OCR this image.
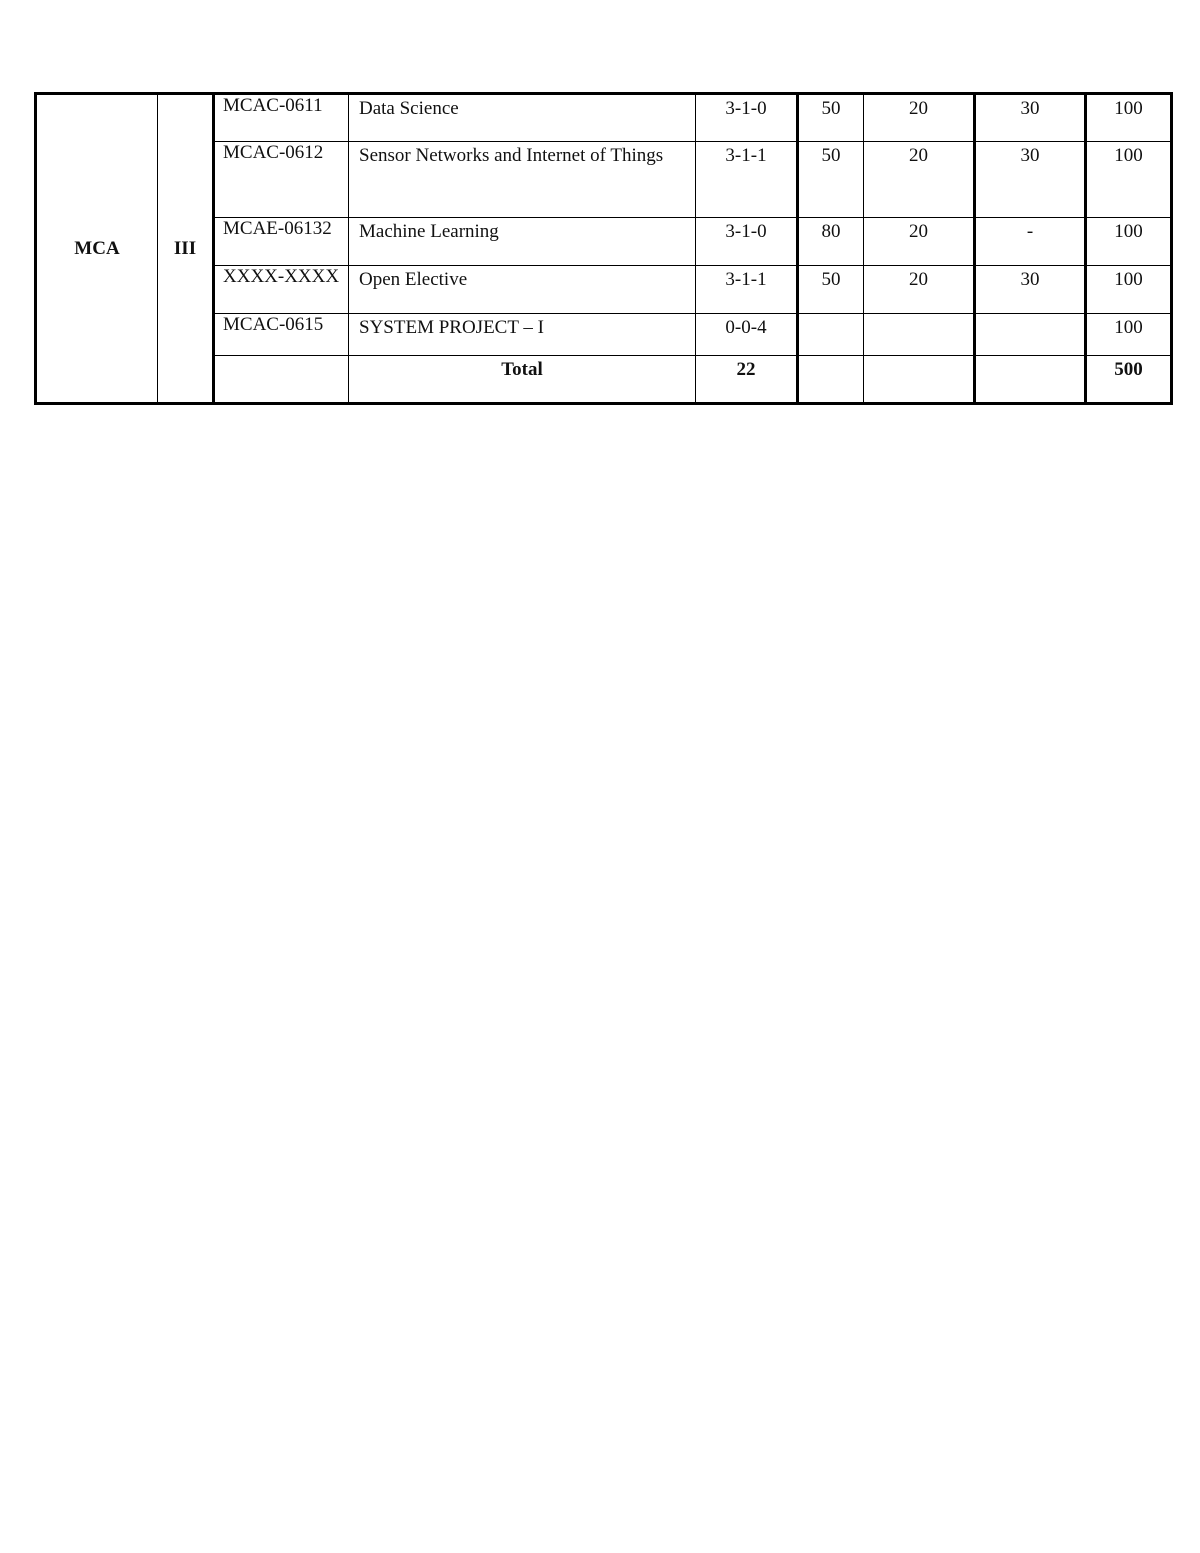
MCA	III	MCAC-0611	Data Science	3-1-0	50	20	30	100
		MCAC-0612	Sensor Networks and Internet of Things	3-1-1	50	20	30	100
		MCAE-06132	Machine Learning	3-1-0	80	20	-	100
		XXXX-XXXX	Open Elective	3-1-1	50	20	30	100
		MCAC-0615	SYSTEM PROJECT – I	0-0-4				100
			Total	22				500
